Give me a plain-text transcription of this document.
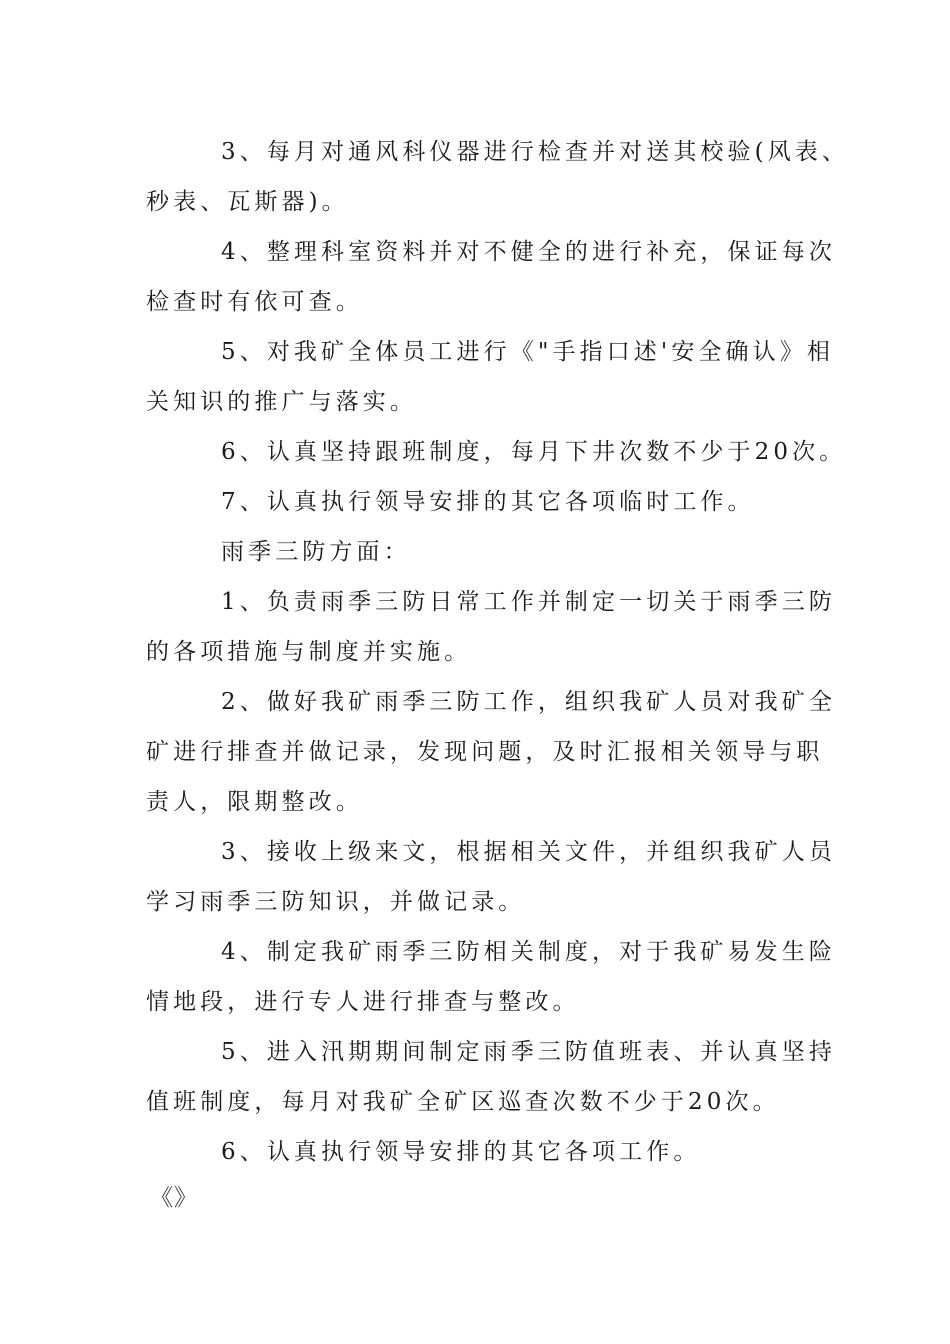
3、每月对通风科仪器进行检查并对送其校验(风表、
秒表、瓦斯器)。
4、整理科室资料并对不健全的进行补充，保证每次
检查时有依可查。
5、对我矿全体员工进行《"手指口述'安全确认》相
关知识的推广与落实。
6、认真坚持跟班制度，每月下井次数不少于20次。
7、认真执行领导安排的其它各项临时工作。
雨季三防方面：
1、负责雨季三防日常工作并制定一切关于雨季三防
的各项措施与制度并实施。
2、做好我矿雨季三防工作，组织我矿人员对我矿全
矿进行排查并做记录，发现问题，及时汇报相关领导与职
责人，限期整改。
3、接收上级来文，根据相关文件，并组织我矿人员
学习雨季三防知识，并做记录。
4、制定我矿雨季三防相关制度，对于我矿易发生险
情地段，进行专人进行排查与整改。
5、进入汛期期间制定雨季三防值班表、并认真坚持
值班制度，每月对我矿全矿区巡查次数不少于20次。
6、认真执行领导安排的其它各项工作。
《》
